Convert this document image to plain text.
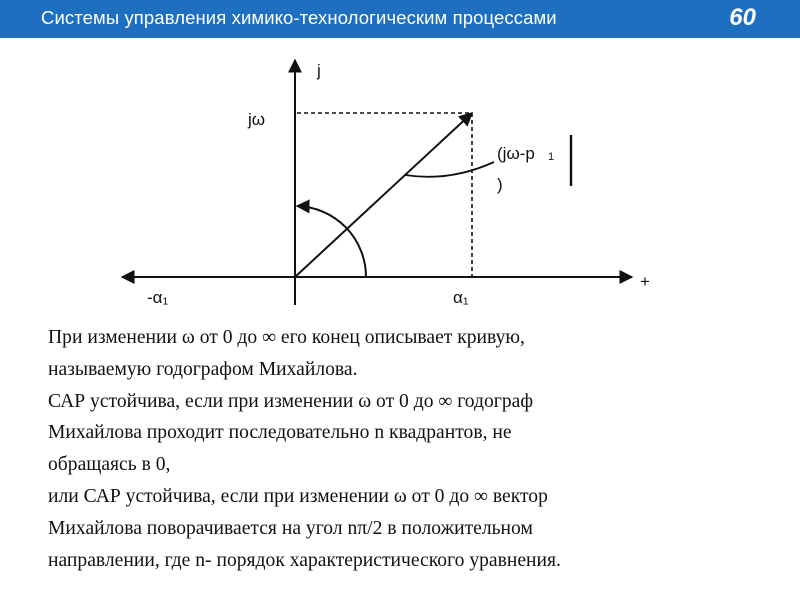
Системы управления химико-технологическим процессами	60
j
+
jω
-α₁	α₁
(jω-p 1
)
При изменении ω от 0 до ∞ его конец описывает кривую,
называемую годографом Михайлова.
САР устойчива, если при изменении ω от 0 до ∞ годограф
Михайлова проходит последовательно n квадрантов, не
обращаясь в 0,
или САР устойчива, если при изменении ω от 0 до ∞ вектор
Михайлова поворачивается на угол nπ/2 в положительном
направлении, где n- порядок характеристического уравнения.
